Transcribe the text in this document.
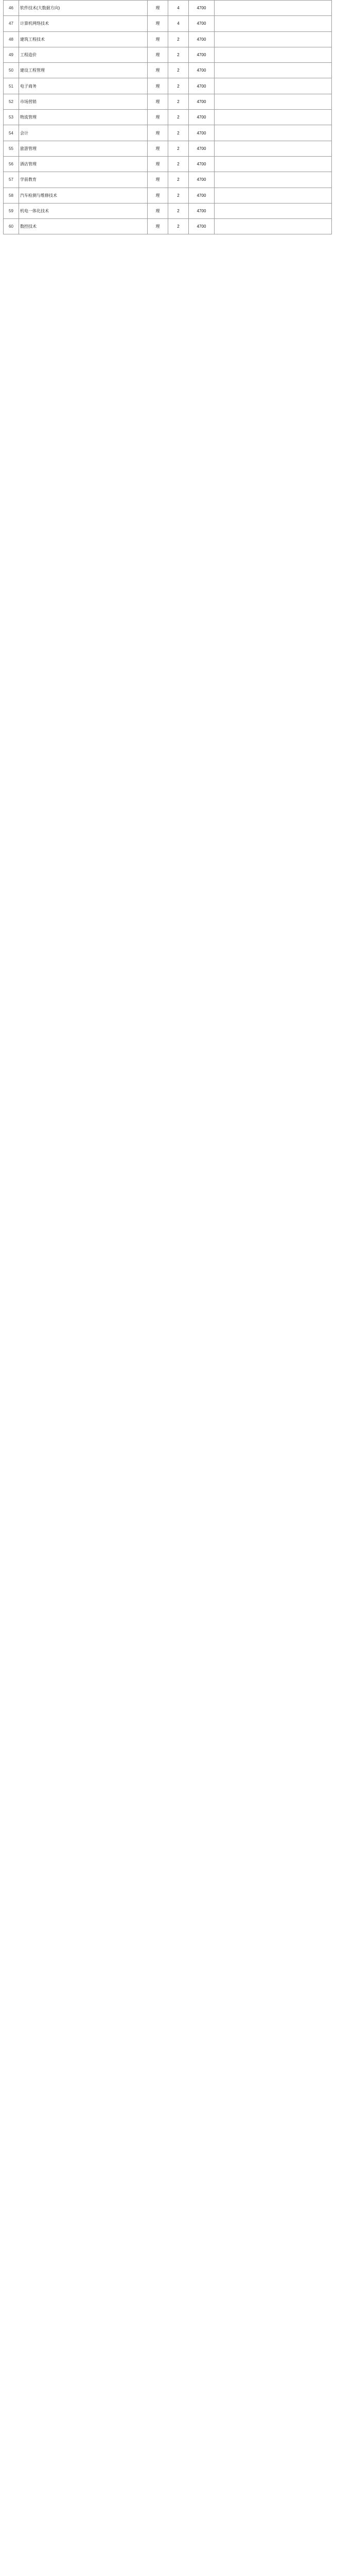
46	软件技术(大数据方向)	理	4	4700	
47	计算机网络技术	理	4	4700	
48	建筑工程技术	理	2	4700	
49	工程造价	理	2	4700	
50	建设工程管理	理	2	4700	
51	电子商务	理	2	4700	
52	市场营销	理	2	4700	
53	物流管理	理	2	4700	
54	会计	理	2	4700	
55	旅游管理	理	2	4700	
56	酒店管理	理	2	4700	
57	学前教育	理	2	4700	
58	汽车检测与维修技术	理	2	4700	
59	机电一体化技术	理	2	4700	
60	数控技术	理	2	4700	
